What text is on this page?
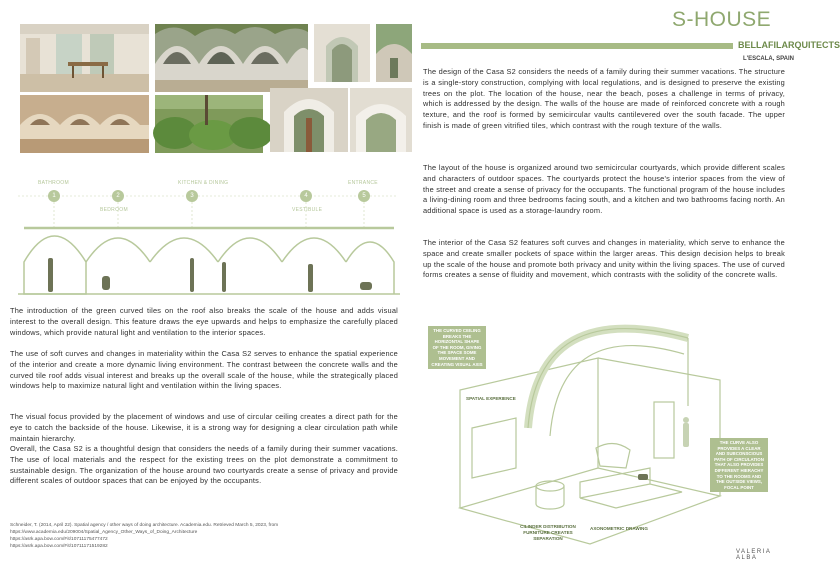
S-HOUSE
BELLAFILARQUITECTS
L'ESCALA, SPAIN

The design of the Casa S2 considers the needs of a family during their summer vacations. The structure is a single-story construction, complying with local regulations, and is designed to preserve the existing trees on the plot. The location of the house, near the beach, poses a challenge in terms of privacy, which is addressed by the design. The walls of the house are made of reinforced concrete with a rough texture, and the roof is formed by semicircular vaults cantilevered over the south facade. The upper finish is made of green vitrified tiles, which contrast with the rough texture of the walls.

The layout of the house is organized around two semicircular courtyards, which provide different scales and characters of outdoor spaces. The courtyards protect the house's interior spaces from the view of the street and create a sense of privacy for the occupants. The functional program of the house includes a living-dining room and three bedrooms facing south, and a kitchen and two bathrooms facing north. An additional space is used as a storage-laundry room.

The interior of the Casa S2 features soft curves and changes in materiality, which serve to enhance the space and create smaller pockets of space within the larger areas. This design decision helps to break up the scale of the house and promote both privacy and unity within the living spaces. The use of curved forms creates a sense of fluidity and movement, which contrasts with the solidity of the concrete walls.

BATHROOM
BEDROOM
KITCHEN & DINING
VESTIBULE
ENTRANCE
1	2	3	4	5

The introduction of the green curved tiles on the roof also breaks the scale of the house and adds visual interest to the overall design. This feature draws the eye upwards and helps to emphasize the carefully placed windows, which provide natural light and ventilation to the interior spaces.

The use of soft curves and changes in materiality within the Casa S2 serves to enhance the spatial experience of the interior and create a more dynamic living environment. The contrast between the concrete walls and the curved tile roof adds visual interest and breaks up the overall scale of the house, while the strategically placed windows help to maximize natural light and ventilation within the living spaces.

The visual focus provided by the placement of windows and use of circular ceiling creates a direct path for the eye to catch the backside of the house. Likewise, it is a strong way for designing a clear circulation path while maintain hierarchy.

Overall, the Casa S2 is a thoughtful design that considers the needs of a family during their summer vacations. The use of local materials and the respect for the existing trees on the plot demonstrate a commitment to sustainable design. The organization of the house around two courtyards create a sense of privacy and provide different scales of outdoor spaces that can be enjoyed by the occupants.

Schneider, T. (2014, April 22). Spatial agency / other ways of doing architecture. Academia.edu. Retrieved March 5, 2023, from
https://www.academia.edu/209004/Spatial_Agency_Other_Ways_of_Doing_Architecture
https://asrk.apa.bow.com/Fit/10711175477472
https://asrk.apa.bow.com/Fit/10711171519282
THE CURVED CEILING BREAKS THE HORIZONTAL SHAPE OF THE ROOM, GIVING THE SPACE SOME MOVEMENT AND CREATING VISUAL AXIS
SPATIAL EXPERIENCE
THE CURVE ALSO PROVIDES A CLEAR AND SUBCONSCIOUS PATH OF CIRCULATION THAT ALSO PROVIDES DIFFERENT HIERACHY TO THE ROOMS AND THE OUTSIDE VIEWS, FOCAL POINT
CILINDER DISTRIBUTION FURNITURE CREATES SEPARATION
AXONOMETRIC DRAWING
VALERIA ALBA
